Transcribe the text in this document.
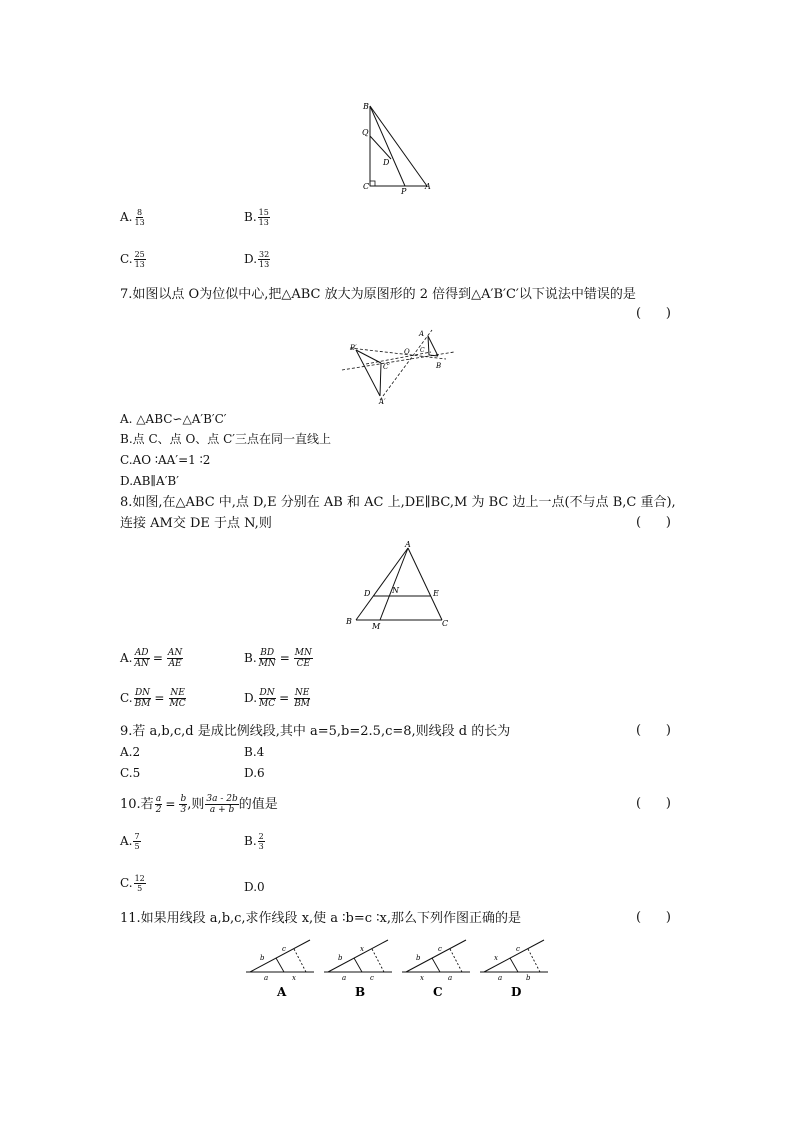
B
Q
D
C
P
A
A. $\frac{8}{13}$	B. $\frac{15}{13}$
C. $\frac{25}{13}$	D. $\frac{32}{13}$
7.如图以点 O为位似中心,把△ABC 放大为原图形的 2 倍得到△A′B′C′以下说法中错误的是
(      )
A
O C
B
B′
C′
A′
A. △ABC∽△A′B′C′
B.点 C、点 O、点 C′三点在同一直线上
C.AO ∶AA′=1 ∶2
D.AB∥A′B′
8.如图,在△ABC 中,点 D,E 分别在 AB 和 AC 上,DE∥BC,M 为 BC 边上一点(不与点 B,C 重合),
连接 AM交 DE 于点 N,则	(      )
A
D	N	E
B
M	C
A. $\frac{AD}{AN} = \frac{AN}{AE}$	B. $\frac{BD}{MN} = \frac{MN}{CE}$
C. $\frac{DN}{BM} = \frac{NE}{MC}$	D. $\frac{DN}{MC} = \frac{NE}{BM}$
9.若 a,b,c,d 是成比例线段,其中 a=5,b=2.5,c=8,则线段 d 的长为	(      )
A.2	B.4
C.5	D.6
10.若 $\frac{a}{2} = \frac{b}{3}$ ,则 $\frac{3a - 2b}{a + b}$ 的值是	(      )
A. $\frac{7}{5}$	B. $\frac{2}{3}$
C. $\frac{12}{5}$	D.0
11.如果用线段 a,b,c,求作线段 x,使 a ∶b=c ∶x,那么下列作图正确的是	(      )
b
c
a	x
A
b
x
a	c
B
b
c
x	a
C
x
c
a	b
D
